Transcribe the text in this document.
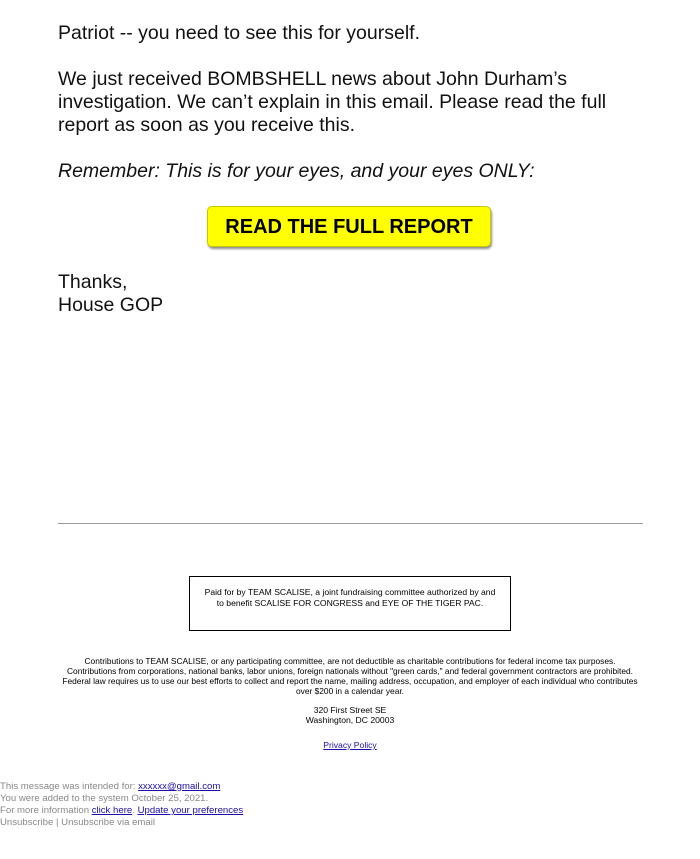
Patriot -- you need to see this for yourself.

We just received BOMBSHELL news about John Durham’s investigation. We can’t explain in this email. Please read the full report as soon as you receive this.

Remember: This is for your eyes, and your eyes ONLY:

READ THE FULL REPORT
Thanks,
House GOP
Paid for by TEAM SCALISE, a joint fundraising committee authorized by and to benefit SCALISE FOR CONGRESS and EYE OF THE TIGER PAC.
Contributions to TEAM SCALISE, or any participating committee, are not deductible as charitable contributions for federal income tax purposes. Contributions from corporations, national banks, labor unions, foreign nationals without "green cards," and federal government contractors are prohibited. Federal law requires us to use our best efforts to collect and report the name, mailing address, occupation, and employer of each individual who contributes over $200 in a calendar year.
320 First Street SE
Washington, DC 20003
Privacy Policy
This message was intended for: xxxxxx@gmail.com
You were added to the system October 25, 2021.
For more information click here. Update your preferences
Unsubscribe | Unsubscribe via email
